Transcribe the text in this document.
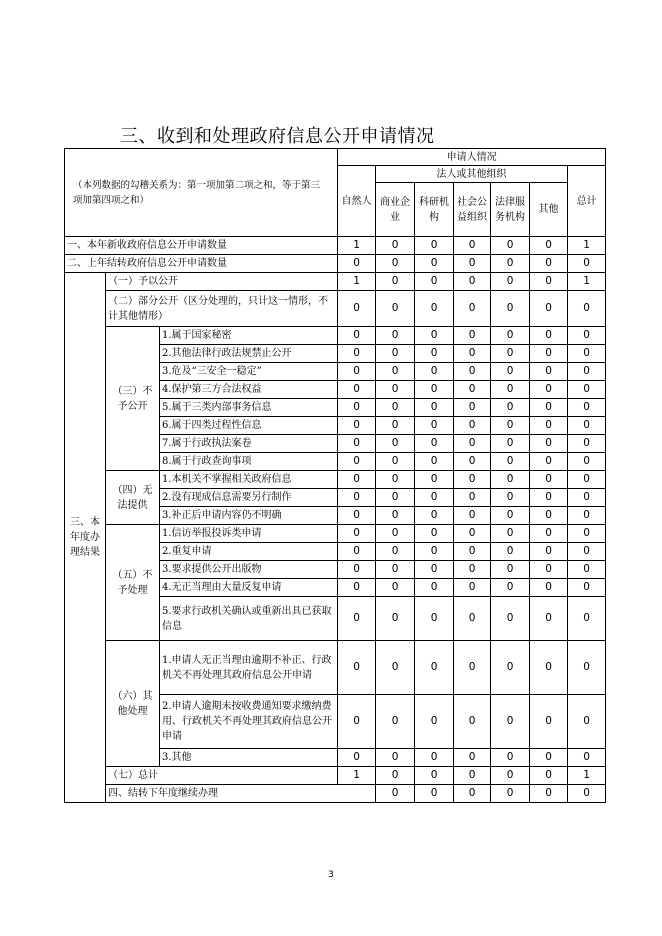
三、收到和处理政府信息公开申请情况
（本列数据的勾稽关系为：第一项加第二项之和，等于第三项加第四项之和）			申请人情况							
			自然人	法人或其他组织					总计	
				商业企业	科研机构	社会公益组织	法律服务机构	其他		
一、本年新收政府信息公开申请数量			1	0	0	0	0	0	1	
二、上年结转政府信息公开申请数量			0	0	0	0	0	0	0	
三、本年度办理结果	（一）予以公开		1	0	0	0	0	0	1	
	（二）部分公开（区分处理的，只计这一情形，不计其他情形）		0	0	0	0	0	0	0	
	（三）不予公开	1.属于国家秘密	0	0	0	0	0	0	0	
		2.其他法律行政法规禁止公开	0	0	0	0	0	0	0	
		3.危及“三安全一稳定”	0	0	0	0	0	0	0	
		4.保护第三方合法权益	0	0	0	0	0	0	0	
		5.属于三类内部事务信息	0	0	0	0	0	0	0	
		6.属于四类过程性信息	0	0	0	0	0	0	0	
		7.属于行政执法案卷	0	0	0	0	0	0	0	
		8.属于行政查询事项	0	0	0	0	0	0	0	
	（四）无法提供	1.本机关不掌握相关政府信息	0	0	0	0	0	0	0	
		2.没有现成信息需要另行制作	0	0	0	0	0	0	0	
		3.补正后申请内容仍不明确	0	0	0	0	0	0	0	
	（五）不予处理	1.信访举报投诉类申请	0	0	0	0	0	0	0	
		2.重复申请	0	0	0	0	0	0	0	
		3.要求提供公开出版物	0	0	0	0	0	0	0	
		4.无正当理由大量反复申请	0	0	0	0	0	0	0	
		5.要求行政机关确认或重新出具已获取信息	0	0	0	0	0	0	0	
	（六）其他处理	1.申请人无正当理由逾期不补正、行政机关不再处理其政府信息公开申请	0	0	0	0	0	0	0	
		2.申请人逾期未按收费通知要求缴纳费用、行政机关不再处理其政府信息公开申请	0	0	0	0	0	0	0	
		3.其他	0	0	0	0	0	0	0	
	（七）总计		1	0	0	0	0	0	1	
	四、结转下年度继续办理			0	0	0	0	0	0	
3
